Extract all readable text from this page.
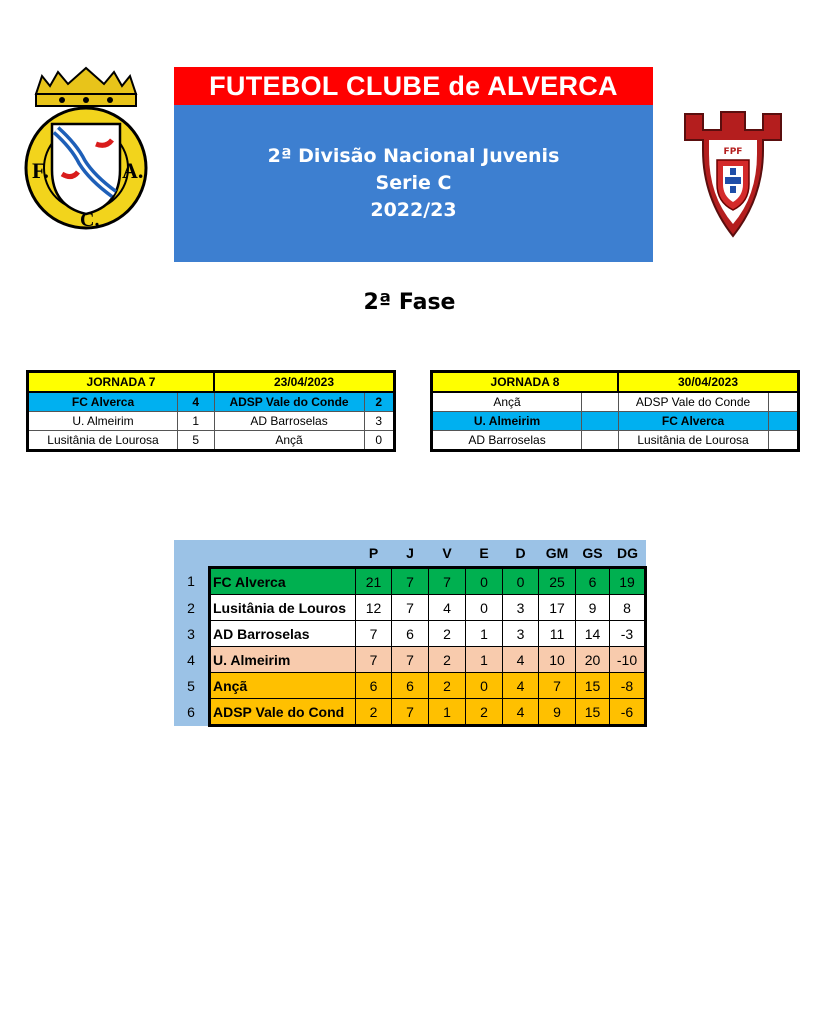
F.
C.
A.
FUTEBOL CLUBE de ALVERCA
2ª Divisão Nacional Juvenis
Serie C
2022/23
FPF
2ª Fase
JORNADA 7		23/04/2023	
FC Alverca	4	ADSP Vale do Conde	2
U. Almeirim	1	AD Barroselas	3
Lusitânia de Lourosa	5	Ançã	0
JORNADA 8		30/04/2023	
Ançã		ADSP Vale do Conde	
U. Almeirim		FC Alverca	
AD Barroselas		Lusitânia de Lourosa	
		P	J	V	E	D	GM	GS	DG
1	FC Alverca	21	7	7	0	0	25	6	19
2	Lusitânia de Louros	12	7	4	0	3	17	9	8
3	AD Barroselas	7	6	2	1	3	11	14	-3
4	U. Almeirim	7	7	2	1	4	10	20	-10
5	Ançã	6	6	2	0	4	7	15	-8
6	ADSP Vale do Cond	2	7	1	2	4	9	15	-6
